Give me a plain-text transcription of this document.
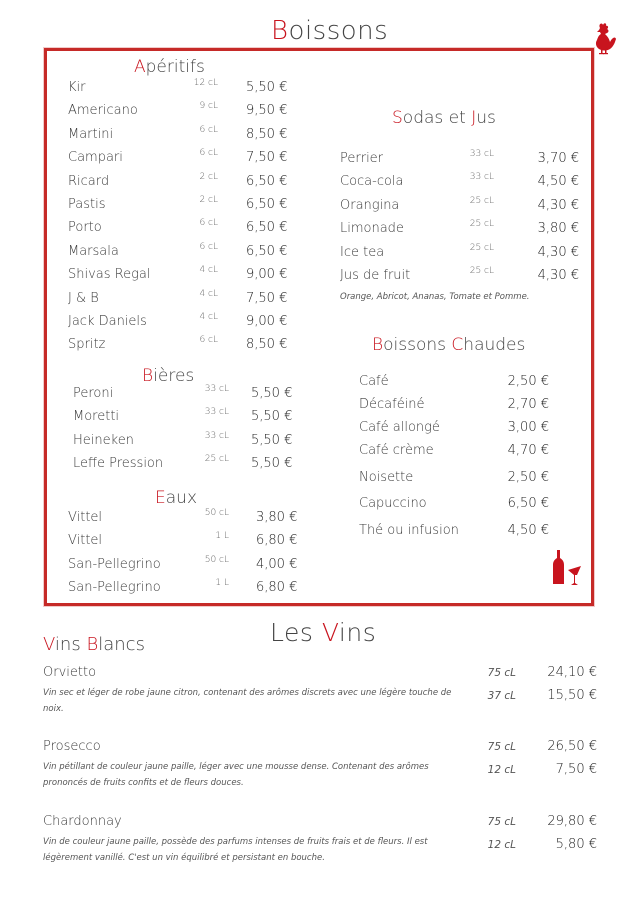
Boissons
Apéritifs
Kir	12 cL 5,50 €
Americano	9 cL 9,50 €
Martini	6 cL 8,50 €
Campari	6 cL 7,50 €
Ricard	2 cL 6,50 €
Pastis	2 cL 6,50 €
Porto	6 cL 6,50 €
Marsala	6 cL 6,50 €
Shivas Regal	4 cL 9,00 €
J & B	4 cL 7,50 €
Jack Daniels	4 cL 9,00 €
Spritz	6 cL 8,50 €
Bières
Peroni	33 cL 5,50 €
Moretti	33 cL 5,50 €
Heineken	33 cL 5,50 €
Leffe Pression	25 cL 5,50 €
Eaux
Vittel	50 cL 3,80 €
Vittel	1 L 6,80 €
San-Pellegrino	50 cL 4,00 €
San-Pellegrino	1 L 6,80 €
Sodas et Jus
Perrier	33 cL	3,70 €
Coca-cola	33 cL	4,50 €
Orangina	25 cL	4,30 €
Limonade	25 cL	3,80 €
Ice tea	25 cL	4,30 €
Jus de fruit	25 cL	4,30 €
Orange, Abricot, Ananas, Tomate et Pomme.
Boissons Chaudes
Café	2,50 €
Décaféiné	2,70 €
Café allongé	3,00 €
Café crème	4,70 €
Noisette	2,50 €
Capuccino	6,50 €
Thé ou infusion	4,50 €
Les Vins
Vins Blancs
Orvietto
Vin sec et léger de robe jaune citron, contenant des arômes discrets avec une légère touche de noix.
75 cL 24,10 €
37 cL 15,50 €
Prosecco
Vin pétillant de couleur jaune paille, léger avec une mousse dense. Contenant des arômes prononcés de fruits confits et de fleurs douces.
75 cL 26,50 €
12 cL	7,50 €
Chardonnay
Vin de couleur jaune paille, possède des parfums intenses de fruits frais et de fleurs. Il est légèrement vanillé. C'est un vin équilibré et persistant en bouche.
75 cL 29,80 €
12 cL	5,80 €
